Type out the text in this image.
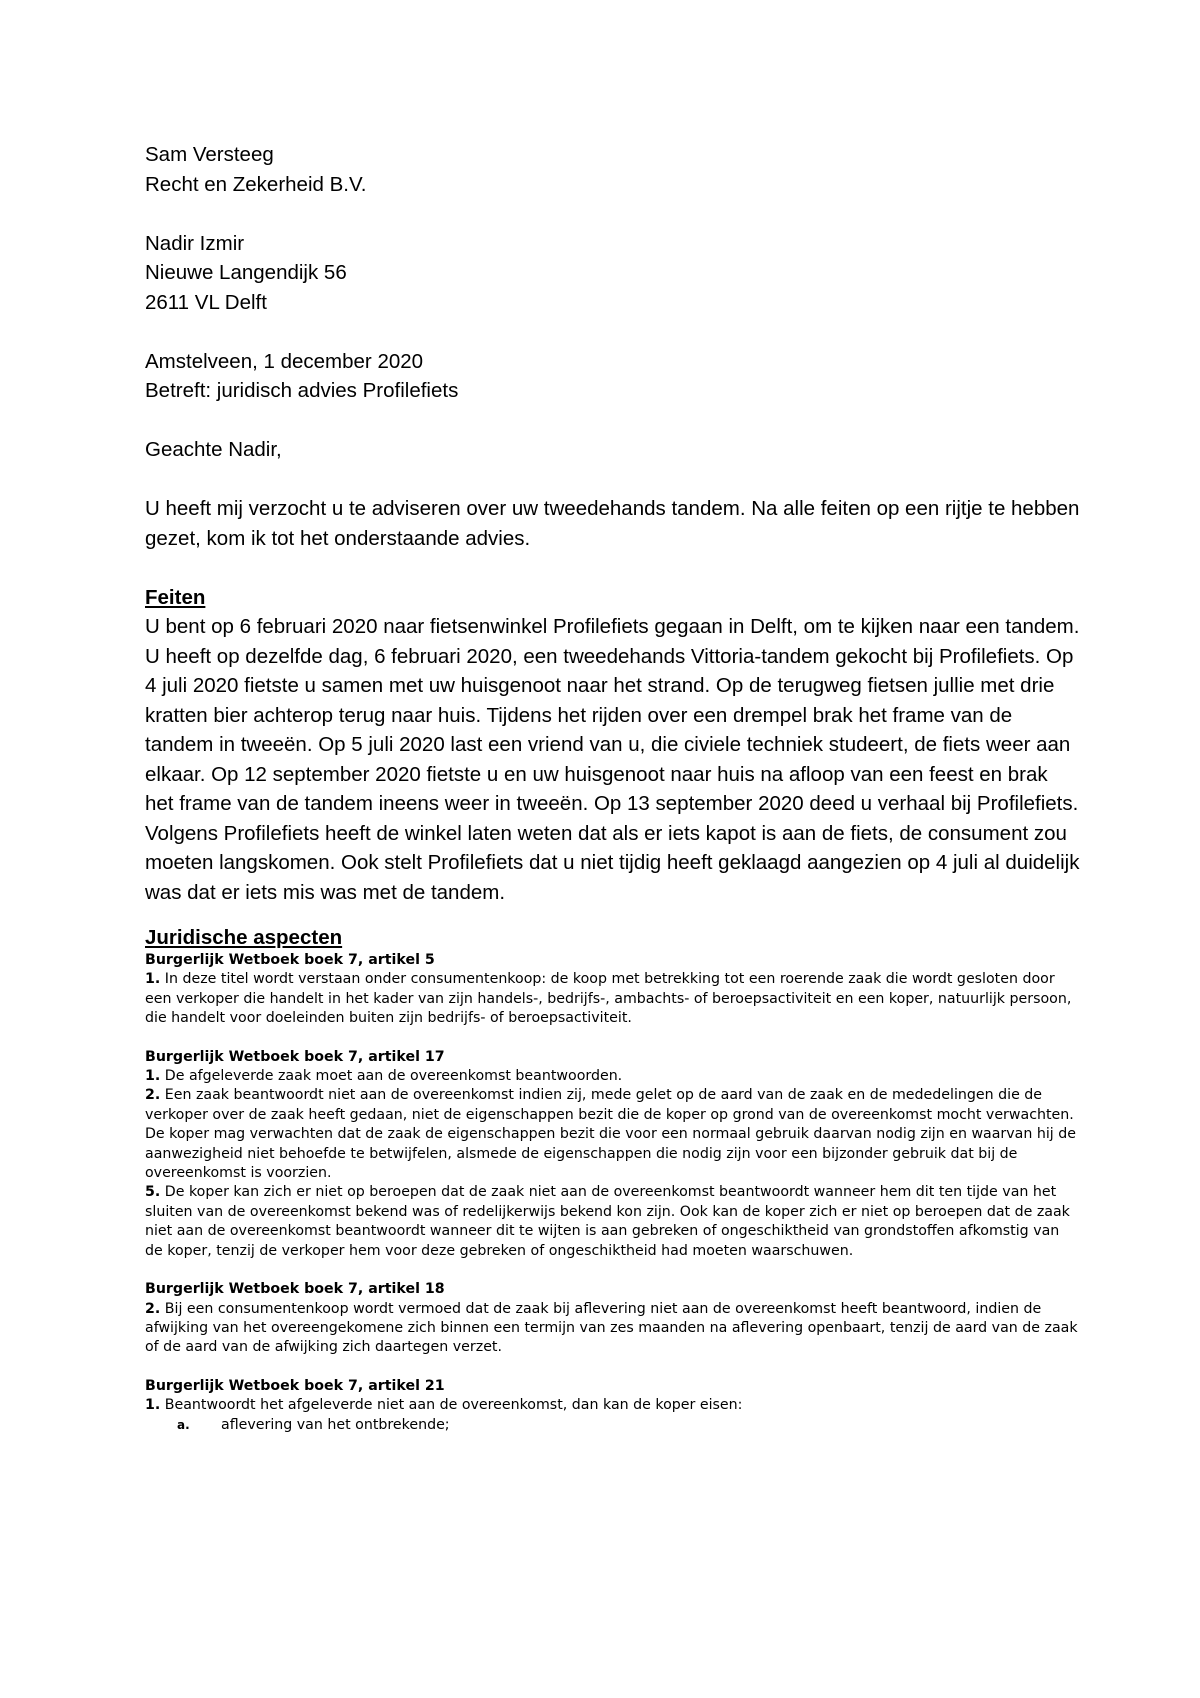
Sam Versteeg

Recht en Zekerheid B.V.

Nadir Izmir

Nieuwe Langendijk 56

2611 VL Delft

Amstelveen, 1 december 2020

Betreft: juridisch advies Profilefiets

Geachte Nadir,

U heeft mij verzocht u te adviseren over uw tweedehands tandem. Na alle feiten op een rijtje te hebben gezet, kom ik tot het onderstaande advies.

Feiten

U bent op 6 februari 2020 naar fietsenwinkel Profilefiets gegaan in Delft, om te kijken naar een tandem. U heeft op dezelfde dag, 6 februari 2020, een tweedehands Vittoria-tandem gekocht bij Profilefiets. Op 4 juli 2020 fietste u samen met uw huisgenoot naar het strand. Op de terugweg fietsen jullie met drie kratten bier achterop terug naar huis. Tijdens het rijden over een drempel brak het frame van de tandem in tweeën. Op 5 juli 2020 last een vriend van u, die civiele techniek studeert, de fiets weer aan elkaar. Op 12 september 2020 fietste u en uw huisgenoot naar huis na afloop van een feest en brak het frame van de tandem ineens weer in tweeën. Op 13 september 2020 deed u verhaal bij Profilefiets. Volgens Profilefiets heeft de winkel laten weten dat als er iets kapot is aan de fiets, de consument zou moeten langskomen. Ook stelt Profilefiets dat u niet tijdig heeft geklaagd aangezien op 4 juli al duidelijk was dat er iets mis was met de tandem.

Juridische aspecten

Burgerlijk Wetboek boek 7, artikel 5

1. In deze titel wordt verstaan onder consumentenkoop: de koop met betrekking tot een roerende zaak die wordt gesloten door een verkoper die handelt in het kader van zijn handels-, bedrijfs-, ambachts- of beroepsactiviteit en een koper, natuurlijk persoon, die handelt voor doeleinden buiten zijn bedrijfs- of beroepsactiviteit.

Burgerlijk Wetboek boek 7, artikel 17

1. De afgeleverde zaak moet aan de overeenkomst beantwoorden.

2. Een zaak beantwoordt niet aan de overeenkomst indien zij, mede gelet op de aard van de zaak en de mededelingen die de verkoper over de zaak heeft gedaan, niet de eigenschappen bezit die de koper op grond van de overeenkomst mocht verwachten. De koper mag verwachten dat de zaak de eigenschappen bezit die voor een normaal gebruik daarvan nodig zijn en waarvan hij de aanwezigheid niet behoefde te betwijfelen, alsmede de eigenschappen die nodig zijn voor een bijzonder gebruik dat bij de overeenkomst is voorzien.

5. De koper kan zich er niet op beroepen dat de zaak niet aan de overeenkomst beantwoordt wanneer hem dit ten tijde van het sluiten van de overeenkomst bekend was of redelijkerwijs bekend kon zijn. Ook kan de koper zich er niet op beroepen dat de zaak niet aan de overeenkomst beantwoordt wanneer dit te wijten is aan gebreken of ongeschiktheid van grondstoffen afkomstig van de koper, tenzij de verkoper hem voor deze gebreken of ongeschiktheid had moeten waarschuwen.

Burgerlijk Wetboek boek 7, artikel 18

2. Bij een consumentenkoop wordt vermoed dat de zaak bij aflevering niet aan de overeenkomst heeft beantwoord, indien de afwijking van het overeengekomene zich binnen een termijn van zes maanden na aflevering openbaart, tenzij de aard van de zaak of de aard van de afwijking zich daartegen verzet.

Burgerlijk Wetboek boek 7, artikel 21

1. Beantwoordt het afgeleverde niet aan de overeenkomst, dan kan de koper eisen:

a. aflevering van het ontbrekende;
